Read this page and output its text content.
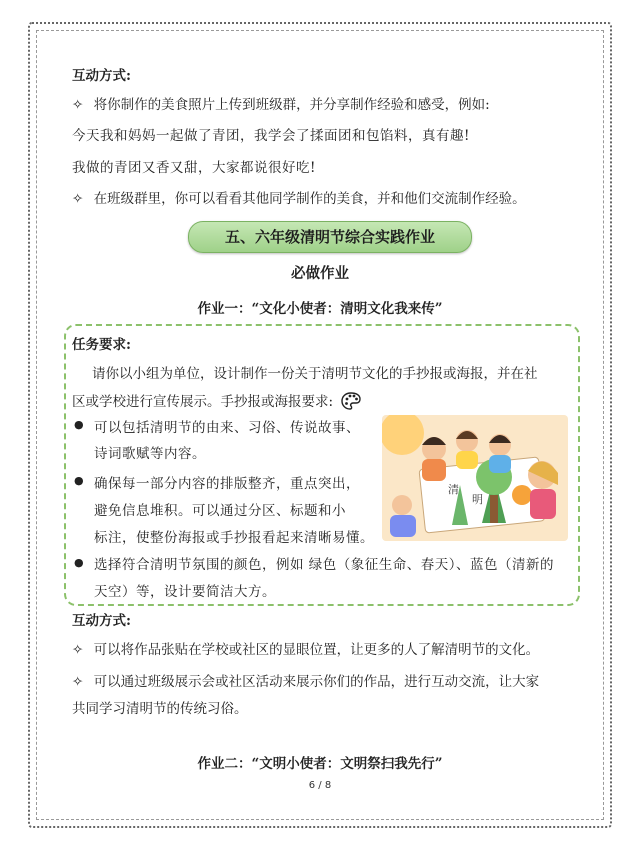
互动方式:
✧ 将你制作的美食照片上传到班级群，并分享制作经验和感受，例如:
今天我和妈妈一起做了青团，我学会了揉面团和包馅料，真有趣!
我做的青团又香又甜，大家都说很好吃!
✧ 在班级群里，你可以看看其他同学制作的美食，并和他们交流制作经验。
五、六年级清明节综合实践作业
必做作业
作业一：“文化小使者：清明文化我来传”
任务要求:
请你以小组为单位，设计制作一份关于清明节文化的手抄报或海报，并在社
区或学校进行宣传展示。手抄报或海报要求:
● 可以包括清明节的由来、习俗、传说故事、
诗词歌赋等内容。
● 确保每一部分内容的排版整齐，重点突出，
避免信息堆积。可以通过分区、标题和小
标注，使整份海报或手抄报看起来清晰易懂。
● 选择符合清明节氛围的颜色，例如 绿色（象征生命、春天）、蓝色（清新的
天空）等，设计要简洁大方。
清
明
互动方式:
✧ 可以将作品张贴在学校或社区的显眼位置，让更多的人了解清明节的文化。
✧ 可以通过班级展示会或社区活动来展示你们的作品，进行互动交流，让大家
共同学习清明节的传统习俗。
作业二：“文明小使者：文明祭扫我先行”
6 / 8
